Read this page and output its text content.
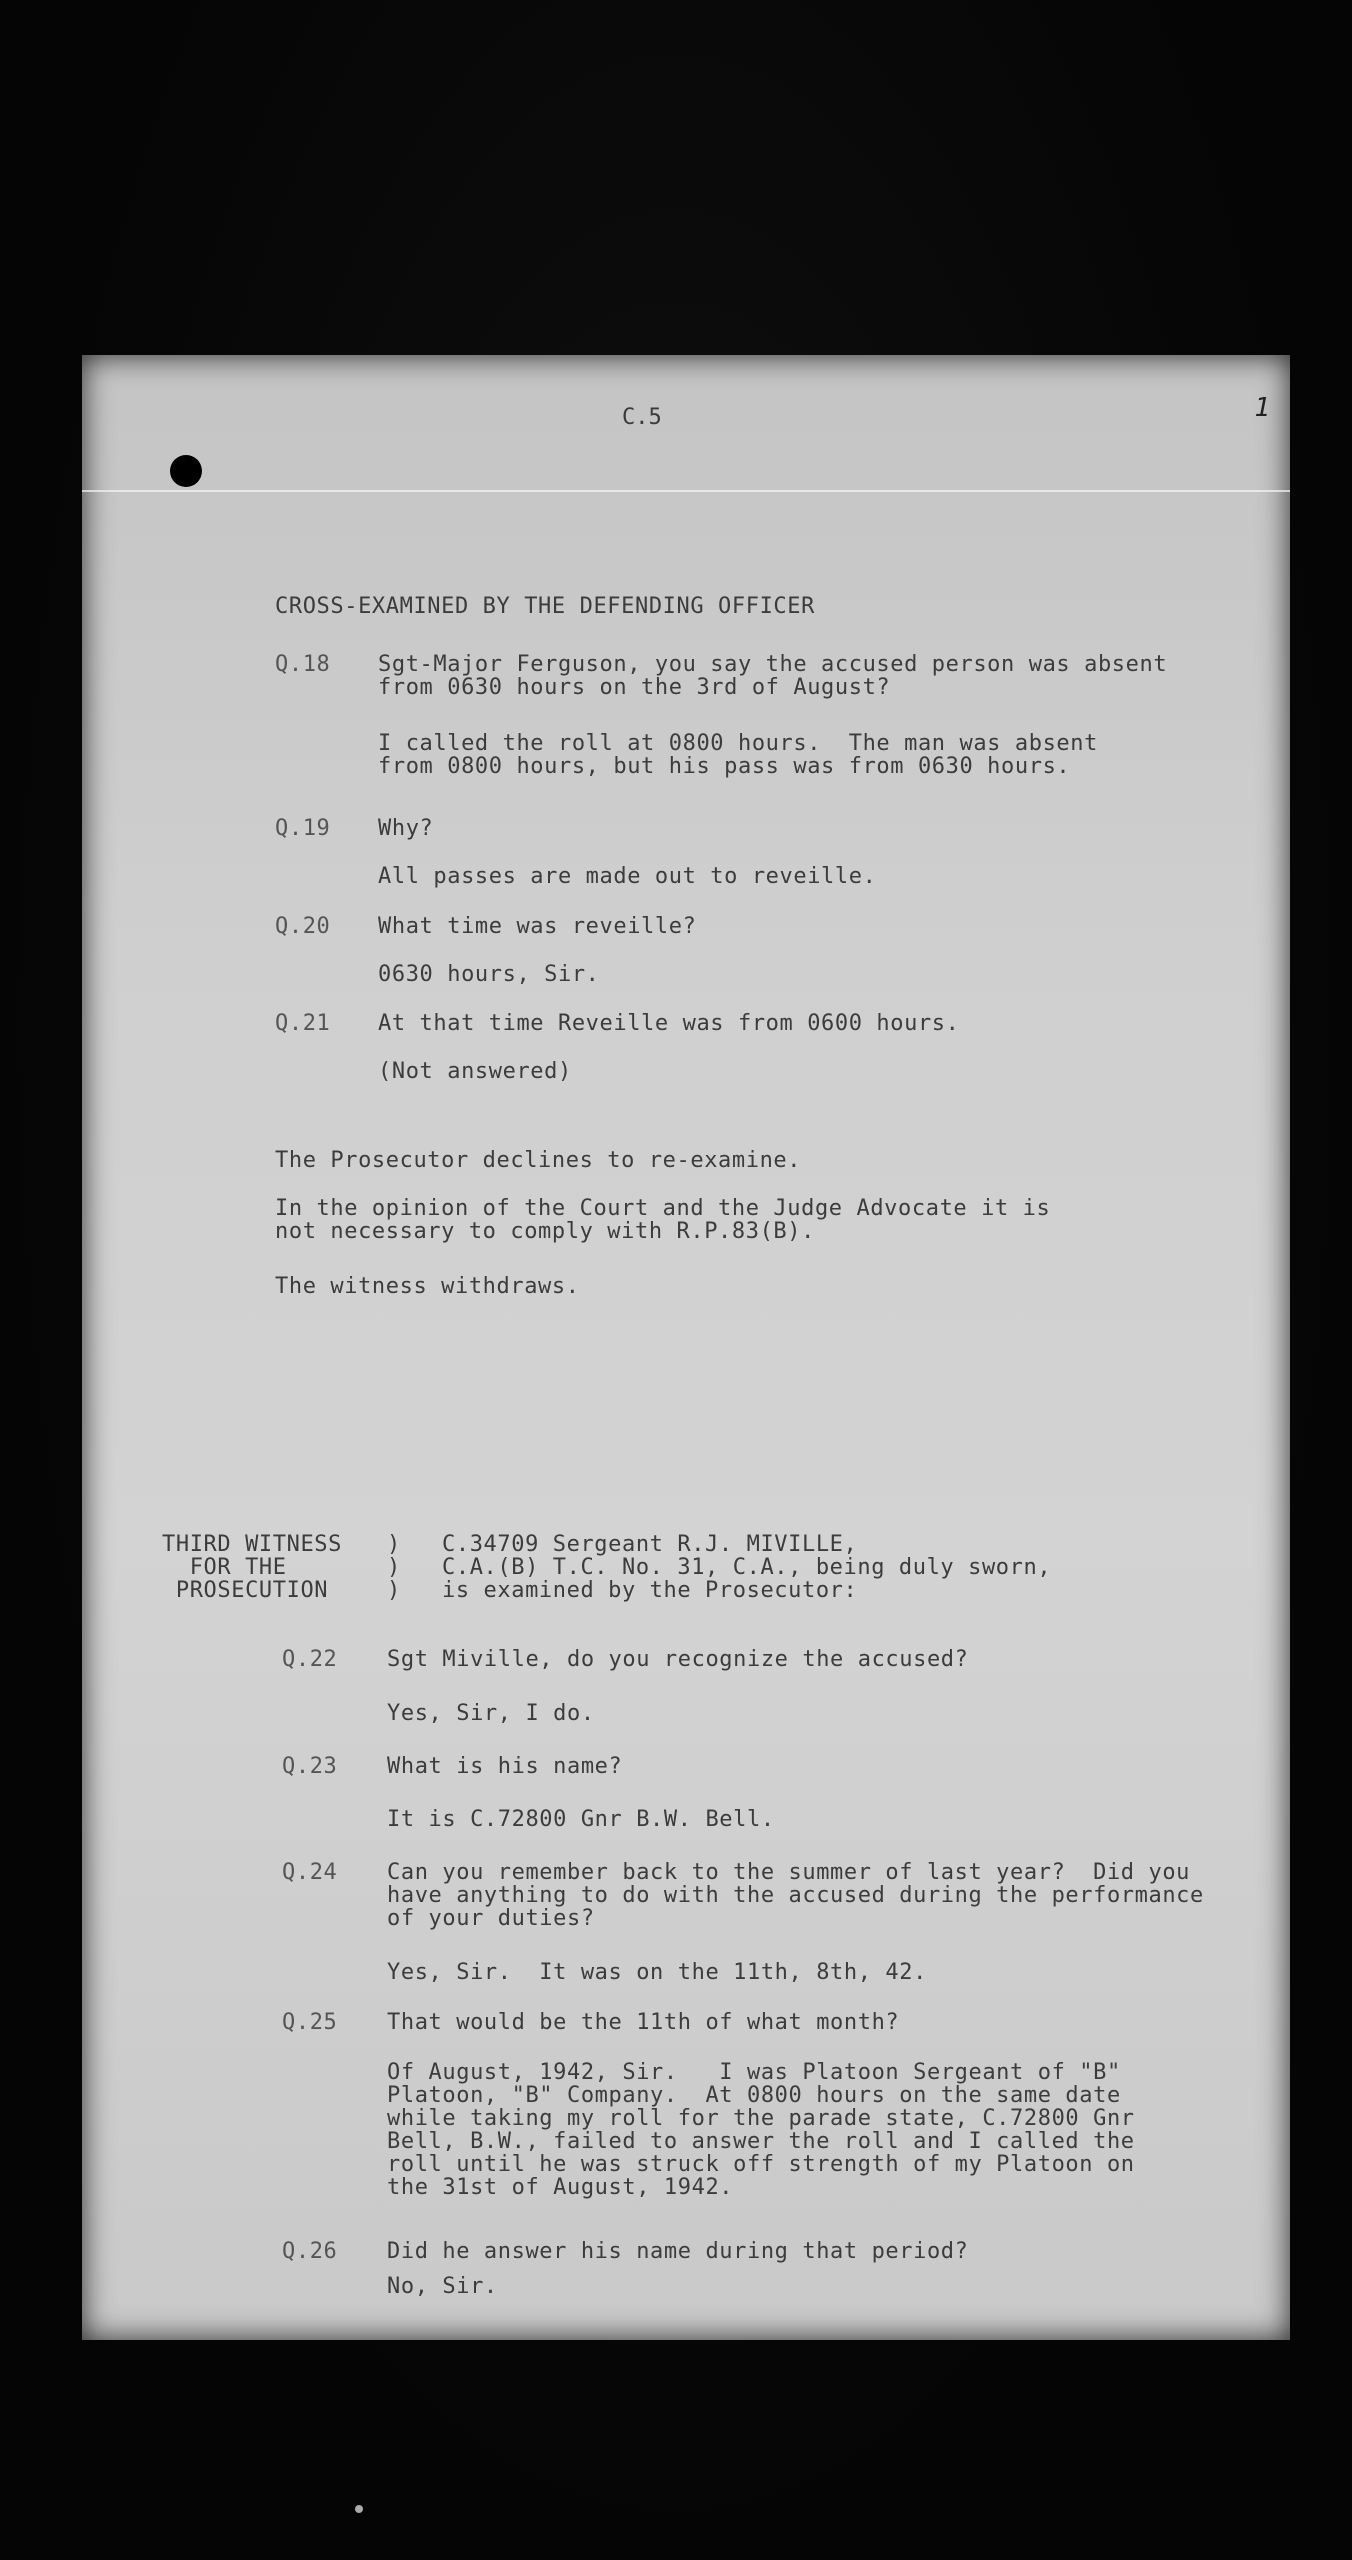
C.5	1
CROSS-EXAMINED BY THE DEFENDING OFFICER
Q.18 Sgt-Major Ferguson, you say the accused person was absent
from 0630 hours on the 3rd of August?
I called the roll at 0800 hours.  The man was absent
from 0800 hours, but his pass was from 0630 hours.
Q.19 Why?
All passes are made out to reveille.
Q.20 What time was reveille?
0630 hours, Sir.
Q.21 At that time Reveille was from 0600 hours.
(Not answered)
The Prosecutor declines to re-examine.
In the opinion of the Court and the Judge Advocate it is
not necessary to comply with R.P.83(B).
The witness withdraws.
THIRD WITNESS
FOR THE
PROSECUTION
)
)
)
C.34709 Sergeant R.J. MIVILLE,
C.A.(B) T.C. No. 31, C.A., being duly sworn,
is examined by the Prosecutor:
Q.22 Sgt Miville, do you recognize the accused?
Yes, Sir, I do.
Q.23 What is his name?
It is C.72800 Gnr B.W. Bell.
Q.24 Can you remember back to the summer of last year?  Did you
have anything to do with the accused during the performance
of your duties?
Yes, Sir.  It was on the 11th, 8th, 42.
Q.25 That would be the 11th of what month?
Of August, 1942, Sir.   I was Platoon Sergeant of "B"
Platoon, "B" Company.  At 0800 hours on the same date
while taking my roll for the parade state, C.72800 Gnr
Bell, B.W., failed to answer the roll and I called the
roll until he was struck off strength of my Platoon on
the 31st of August, 1942.
Q.26 Did he answer his name during that period?
No, Sir.
